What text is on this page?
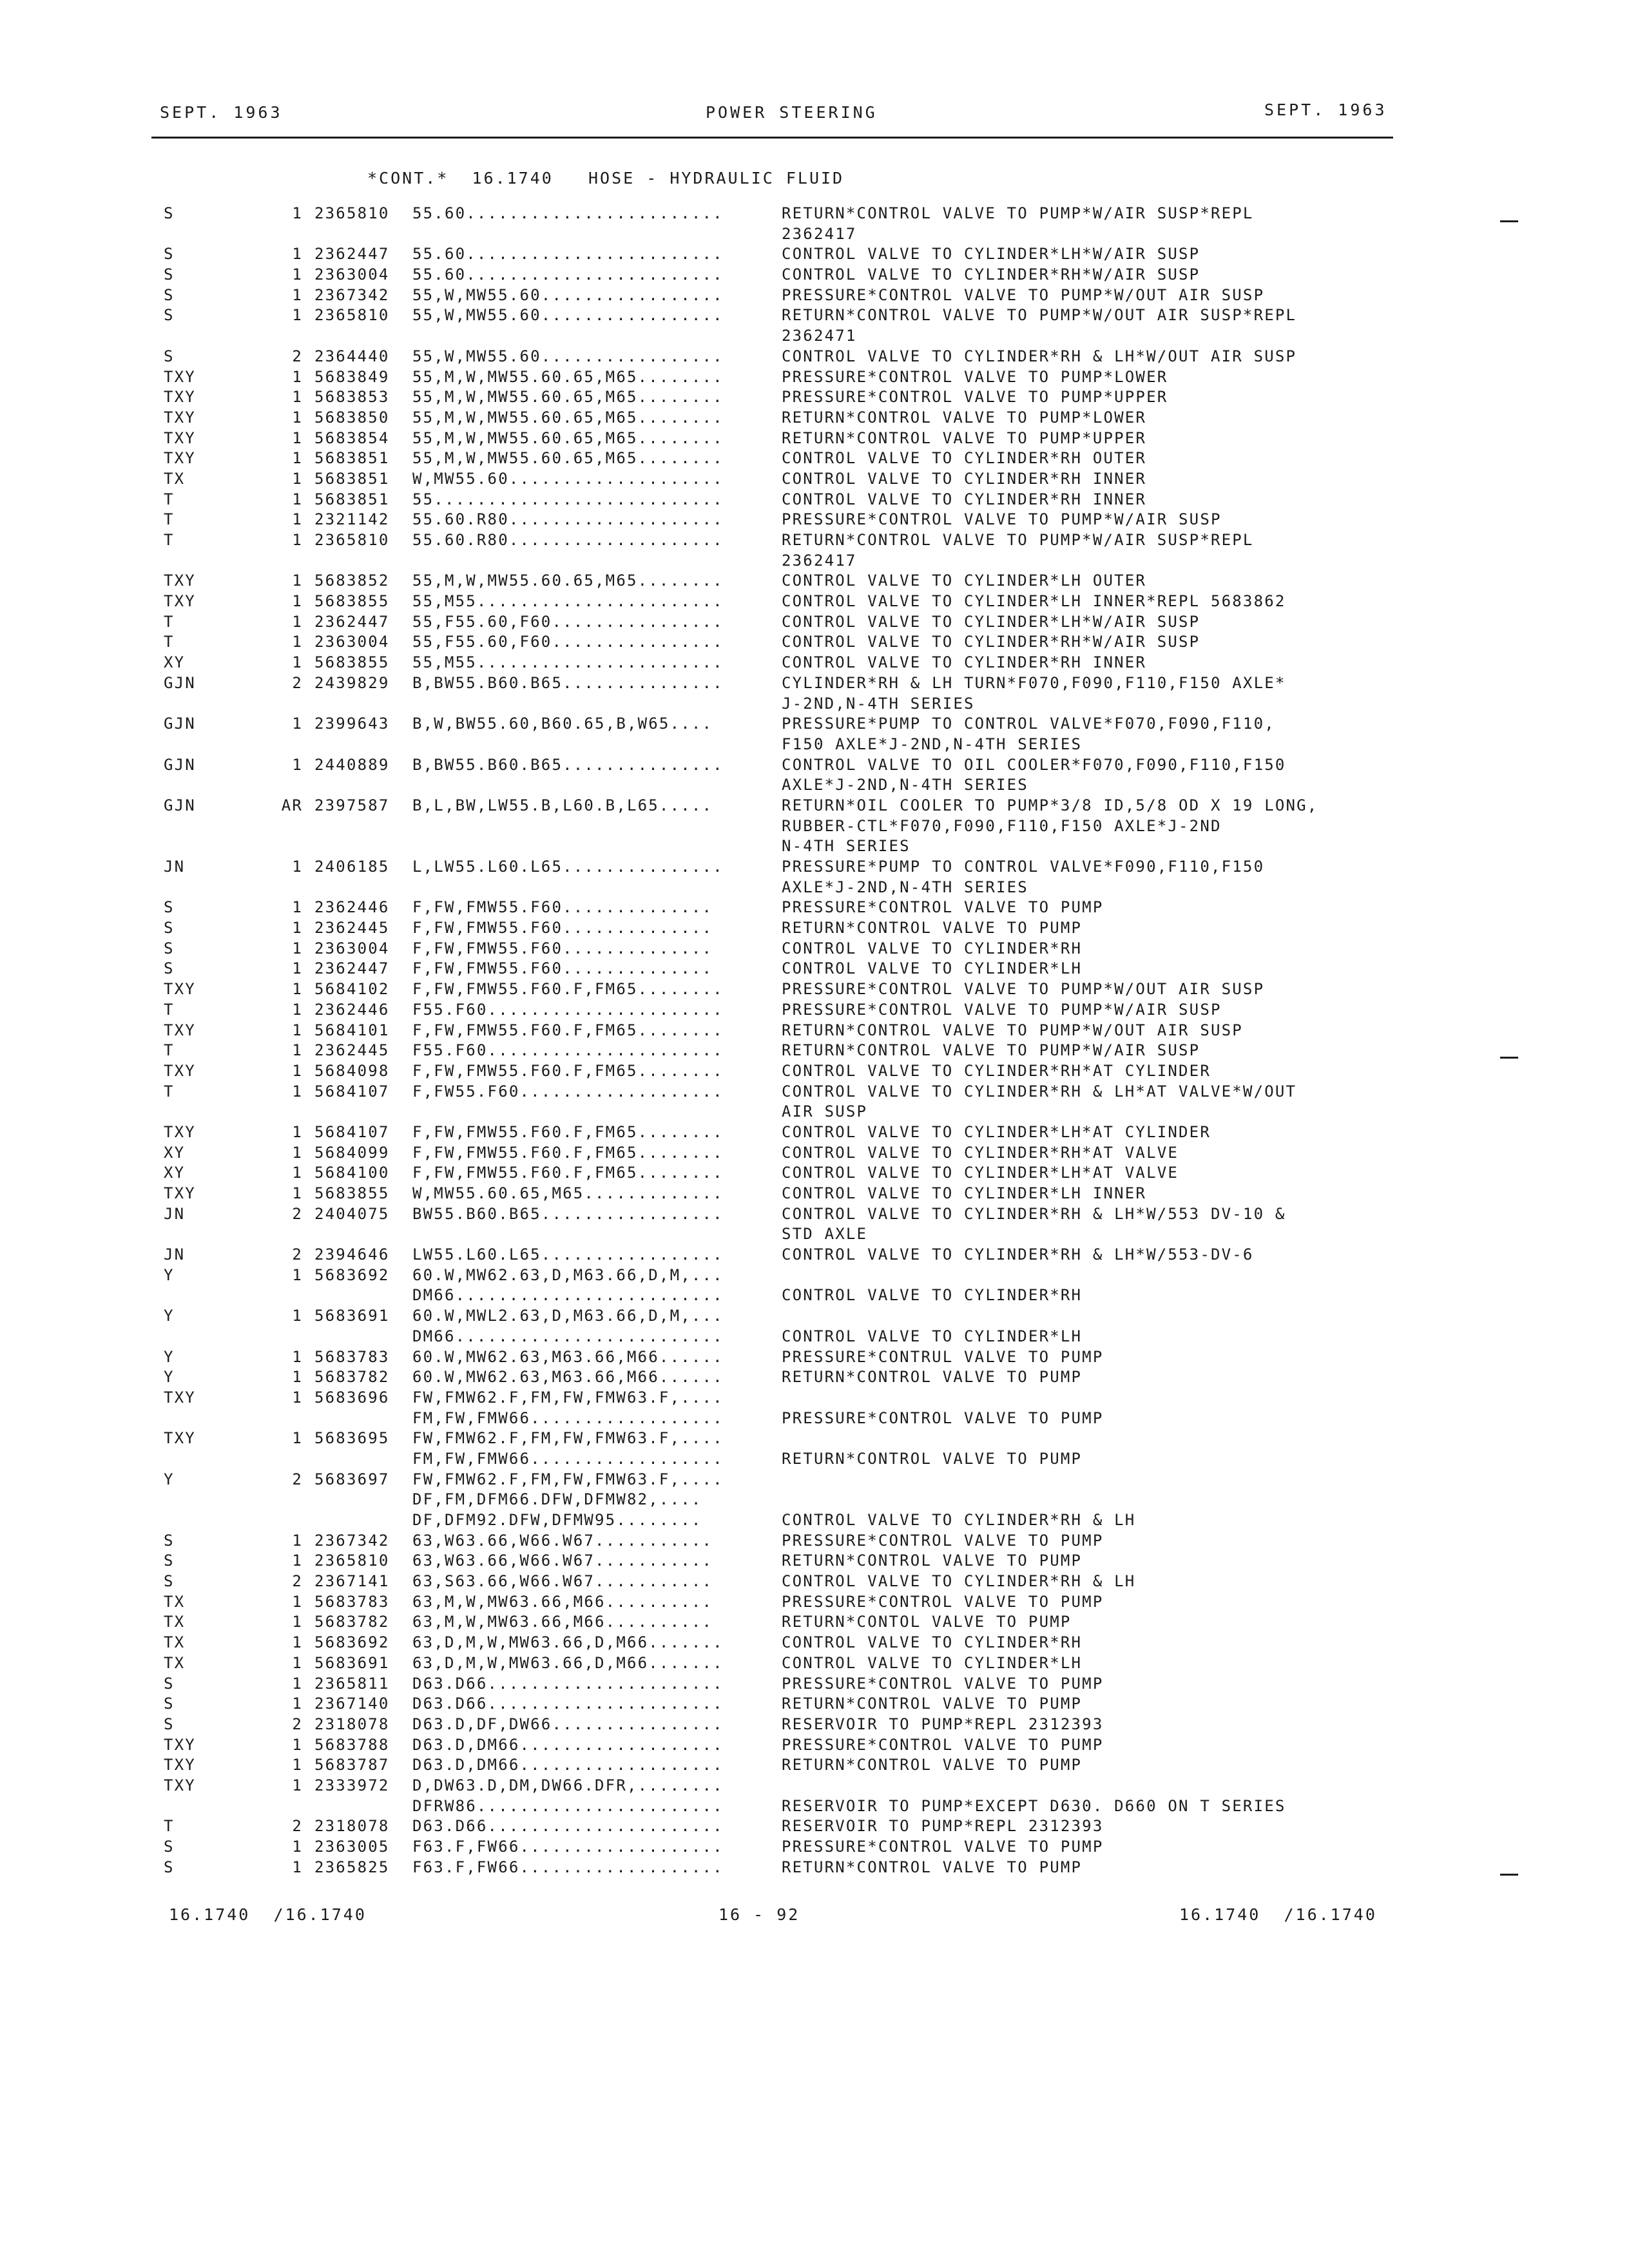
SEPT. 1963	POWER STEERING	SEPT. 1963
*CONT.*  16.1740   HOSE - HYDRAULIC FLUID
S	1 2365810 55.60........................	RETURN*CONTROL VALVE TO PUMP*W/AIR SUSP*REPL
2362417
S	1 2362447 55.60........................	CONTROL VALVE TO CYLINDER*LH*W/AIR SUSP
S	1 2363004 55.60........................	CONTROL VALVE TO CYLINDER*RH*W/AIR SUSP
S	1 2367342 55,W,MW55.60.................	PRESSURE*CONTROL VALVE TO PUMP*W/OUT AIR SUSP
S	1 2365810 55,W,MW55.60.................	RETURN*CONTROL VALVE TO PUMP*W/OUT AIR SUSP*REPL
2362471
S	2 2364440 55,W,MW55.60.................	CONTROL VALVE TO CYLINDER*RH & LH*W/OUT AIR SUSP
TXY	1 5683849 55,M,W,MW55.60.65,M65........	PRESSURE*CONTROL VALVE TO PUMP*LOWER
TXY	1 5683853 55,M,W,MW55.60.65,M65........	PRESSURE*CONTROL VALVE TO PUMP*UPPER
TXY	1 5683850 55,M,W,MW55.60.65,M65........	RETURN*CONTROL VALVE TO PUMP*LOWER
TXY	1 5683854 55,M,W,MW55.60.65,M65........	RETURN*CONTROL VALVE TO PUMP*UPPER
TXY	1 5683851 55,M,W,MW55.60.65,M65........	CONTROL VALVE TO CYLINDER*RH OUTER
TX	1 5683851 W,MW55.60....................	CONTROL VALVE TO CYLINDER*RH INNER
T	1 5683851 55...........................	CONTROL VALVE TO CYLINDER*RH INNER
T	1 2321142 55.60.R80....................	PRESSURE*CONTROL VALVE TO PUMP*W/AIR SUSP
T	1 2365810 55.60.R80....................	RETURN*CONTROL VALVE TO PUMP*W/AIR SUSP*REPL
2362417
TXY	1 5683852 55,M,W,MW55.60.65,M65........	CONTROL VALVE TO CYLINDER*LH OUTER
TXY	1 5683855 55,M55.......................	CONTROL VALVE TO CYLINDER*LH INNER*REPL 5683862
T	1 2362447 55,F55.60,F60................	CONTROL VALVE TO CYLINDER*LH*W/AIR SUSP
T	1 2363004 55,F55.60,F60................	CONTROL VALVE TO CYLINDER*RH*W/AIR SUSP
XY	1 5683855 55,M55.......................	CONTROL VALVE TO CYLINDER*RH INNER
GJN	2 2439829 B,BW55.B60.B65...............	CYLINDER*RH & LH TURN*F070,F090,F110,F150 AXLE*
J-2ND,N-4TH SERIES
GJN	1 2399643 B,W,BW55.60,B60.65,B,W65....	PRESSURE*PUMP TO CONTROL VALVE*F070,F090,F110,
F150 AXLE*J-2ND,N-4TH SERIES
GJN	1 2440889 B,BW55.B60.B65...............	CONTROL VALVE TO OIL COOLER*F070,F090,F110,F150
AXLE*J-2ND,N-4TH SERIES
GJN	AR 2397587 B,L,BW,LW55.B,L60.B,L65.....	RETURN*OIL COOLER TO PUMP*3/8 ID,5/8 OD X 19 LONG,
RUBBER-CTL*F070,F090,F110,F150 AXLE*J-2ND
N-4TH SERIES
JN	1 2406185 L,LW55.L60.L65...............	PRESSURE*PUMP TO CONTROL VALVE*F090,F110,F150
AXLE*J-2ND,N-4TH SERIES
S	1 2362446 F,FW,FMW55.F60..............	PRESSURE*CONTROL VALVE TO PUMP
S	1 2362445 F,FW,FMW55.F60..............	RETURN*CONTROL VALVE TO PUMP
S	1 2363004 F,FW,FMW55.F60..............	CONTROL VALVE TO CYLINDER*RH
S	1 2362447 F,FW,FMW55.F60..............	CONTROL VALVE TO CYLINDER*LH
TXY	1 5684102 F,FW,FMW55.F60.F,FM65........	PRESSURE*CONTROL VALVE TO PUMP*W/OUT AIR SUSP
T	1 2362446 F55.F60......................	PRESSURE*CONTROL VALVE TO PUMP*W/AIR SUSP
TXY	1 5684101 F,FW,FMW55.F60.F,FM65........	RETURN*CONTROL VALVE TO PUMP*W/OUT AIR SUSP
T	1 2362445 F55.F60......................	RETURN*CONTROL VALVE TO PUMP*W/AIR SUSP
TXY	1 5684098 F,FW,FMW55.F60.F,FM65........	CONTROL VALVE TO CYLINDER*RH*AT CYLINDER
T	1 5684107 F,FW55.F60...................	CONTROL VALVE TO CYLINDER*RH & LH*AT VALVE*W/OUT
AIR SUSP
TXY	1 5684107 F,FW,FMW55.F60.F,FM65........	CONTROL VALVE TO CYLINDER*LH*AT CYLINDER
XY	1 5684099 F,FW,FMW55.F60.F,FM65........	CONTROL VALVE TO CYLINDER*RH*AT VALVE
XY	1 5684100 F,FW,FMW55.F60.F,FM65........	CONTROL VALVE TO CYLINDER*LH*AT VALVE
TXY	1 5683855 W,MW55.60.65,M65.............	CONTROL VALVE TO CYLINDER*LH INNER
JN	2 2404075 BW55.B60.B65.................	CONTROL VALVE TO CYLINDER*RH & LH*W/553 DV-10 &
STD AXLE
JN	2 2394646 LW55.L60.L65.................	CONTROL VALVE TO CYLINDER*RH & LH*W/553-DV-6
Y	1 5683692 60.W,MW62.63,D,M63.66,D,M,...
DM66.........................	CONTROL VALVE TO CYLINDER*RH
Y	1 5683691 60.W,MWL2.63,D,M63.66,D,M,...
DM66.........................	CONTROL VALVE TO CYLINDER*LH
Y	1 5683783 60.W,MW62.63,M63.66,M66......	PRESSURE*CONTRUL VALVE TO PUMP
Y	1 5683782 60.W,MW62.63,M63.66,M66......	RETURN*CONTROL VALVE TO PUMP
TXY	1 5683696 FW,FMW62.F,FM,FW,FMW63.F,....
FM,FW,FMW66..................	PRESSURE*CONTROL VALVE TO PUMP
TXY	1 5683695 FW,FMW62.F,FM,FW,FMW63.F,....
FM,FW,FMW66..................	RETURN*CONTROL VALVE TO PUMP
Y	2 5683697 FW,FMW62.F,FM,FW,FMW63.F,....
DF,FM,DFM66.DFW,DFMW82,....
DF,DFM92.DFW,DFMW95........	CONTROL VALVE TO CYLINDER*RH & LH
S	1 2367342 63,W63.66,W66.W67...........	PRESSURE*CONTROL VALVE TO PUMP
S	1 2365810 63,W63.66,W66.W67...........	RETURN*CONTROL VALVE TO PUMP
S	2 2367141 63,S63.66,W66.W67...........	CONTROL VALVE TO CYLINDER*RH & LH
TX	1 5683783 63,M,W,MW63.66,M66..........	PRESSURE*CONTROL VALVE TO PUMP
TX	1 5683782 63,M,W,MW63.66,M66..........	RETURN*CONTOL VALVE TO PUMP
TX	1 5683692 63,D,M,W,MW63.66,D,M66.......	CONTROL VALVE TO CYLINDER*RH
TX	1 5683691 63,D,M,W,MW63.66,D,M66.......	CONTROL VALVE TO CYLINDER*LH
S	1 2365811 D63.D66......................	PRESSURE*CONTROL VALVE TO PUMP
S	1 2367140 D63.D66......................	RETURN*CONTROL VALVE TO PUMP
S	2 2318078 D63.D,DF,DW66................	RESERVOIR TO PUMP*REPL 2312393
TXY	1 5683788 D63.D,DM66...................	PRESSURE*CONTROL VALVE TO PUMP
TXY	1 5683787 D63.D,DM66...................	RETURN*CONTROL VALVE TO PUMP
TXY	1 2333972 D,DW63.D,DM,DW66.DFR,........
DFRW86.......................	RESERVOIR TO PUMP*EXCEPT D630. D660 ON T SERIES
T	2 2318078 D63.D66......................	RESERVOIR TO PUMP*REPL 2312393
S	1 2363005 F63.F,FW66...................	PRESSURE*CONTROL VALVE TO PUMP
S	1 2365825 F63.F,FW66...................	RETURN*CONTROL VALVE TO PUMP
16.1740  /16.1740	16 - 92	16.1740  /16.1740
